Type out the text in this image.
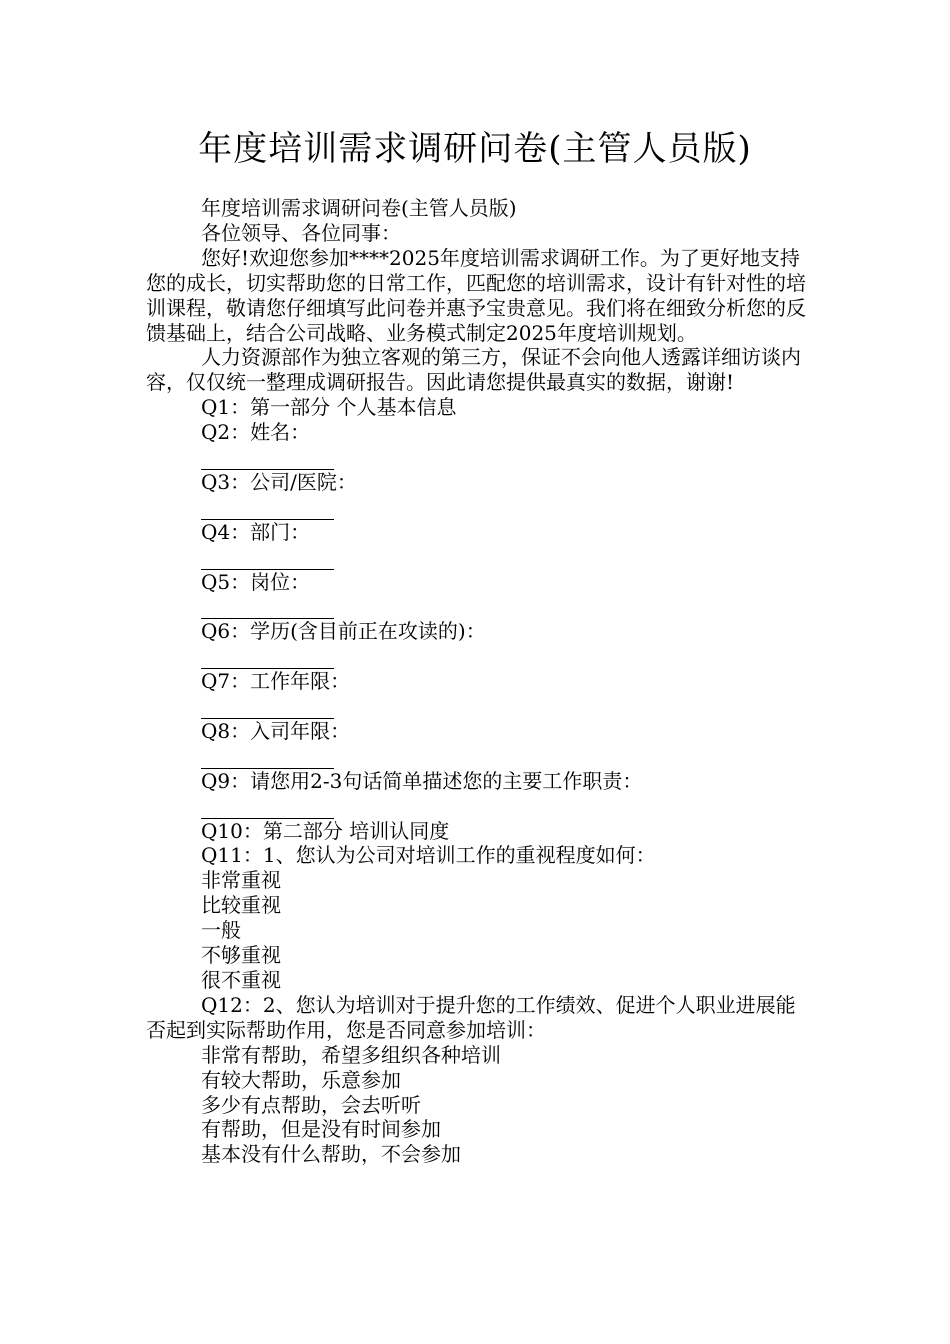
年度培训需求调研问卷(主管人员版)

年度培训需求调研问卷(主管人员版)

各位领导、各位同事：

您好!欢迎您参加****2025年度培训需求调研工作。为了更好地支持您的成长，切实帮助您的日常工作，匹配您的培训需求，设计有针对性的培训课程，敬请您仔细填写此问卷并惠予宝贵意见。我们将在细致分析您的反馈基础上，结合公司战略、业务模式制定2025年度培训规划。

人力资源部作为独立客观的第三方，保证不会向他人透露详细访谈内容，仅仅统一整理成调研报告。因此请您提供最真实的数据，谢谢!

Q1：第一部分 个人基本信息
Q2：姓名：
Q3：公司/医院：
Q4：部门：
Q5：岗位：
Q6：学历(含目前正在攻读的)：
Q7：工作年限：
Q8：入司年限：
Q9：请您用2-3句话简单描述您的主要工作职责：
Q10：第二部分 培训认同度
Q11：1、您认为公司对培训工作的重视程度如何：
非常重视
比较重视
一般
不够重视
很不重视

Q12：2、您认为培训对于提升您的工作绩效、促进个人职业进展能否起到实际帮助作用，您是否同意参加培训：

非常有帮助，希望多组织各种培训
有较大帮助，乐意参加
多少有点帮助，会去听听
有帮助，但是没有时间参加
基本没有什么帮助，不会参加
